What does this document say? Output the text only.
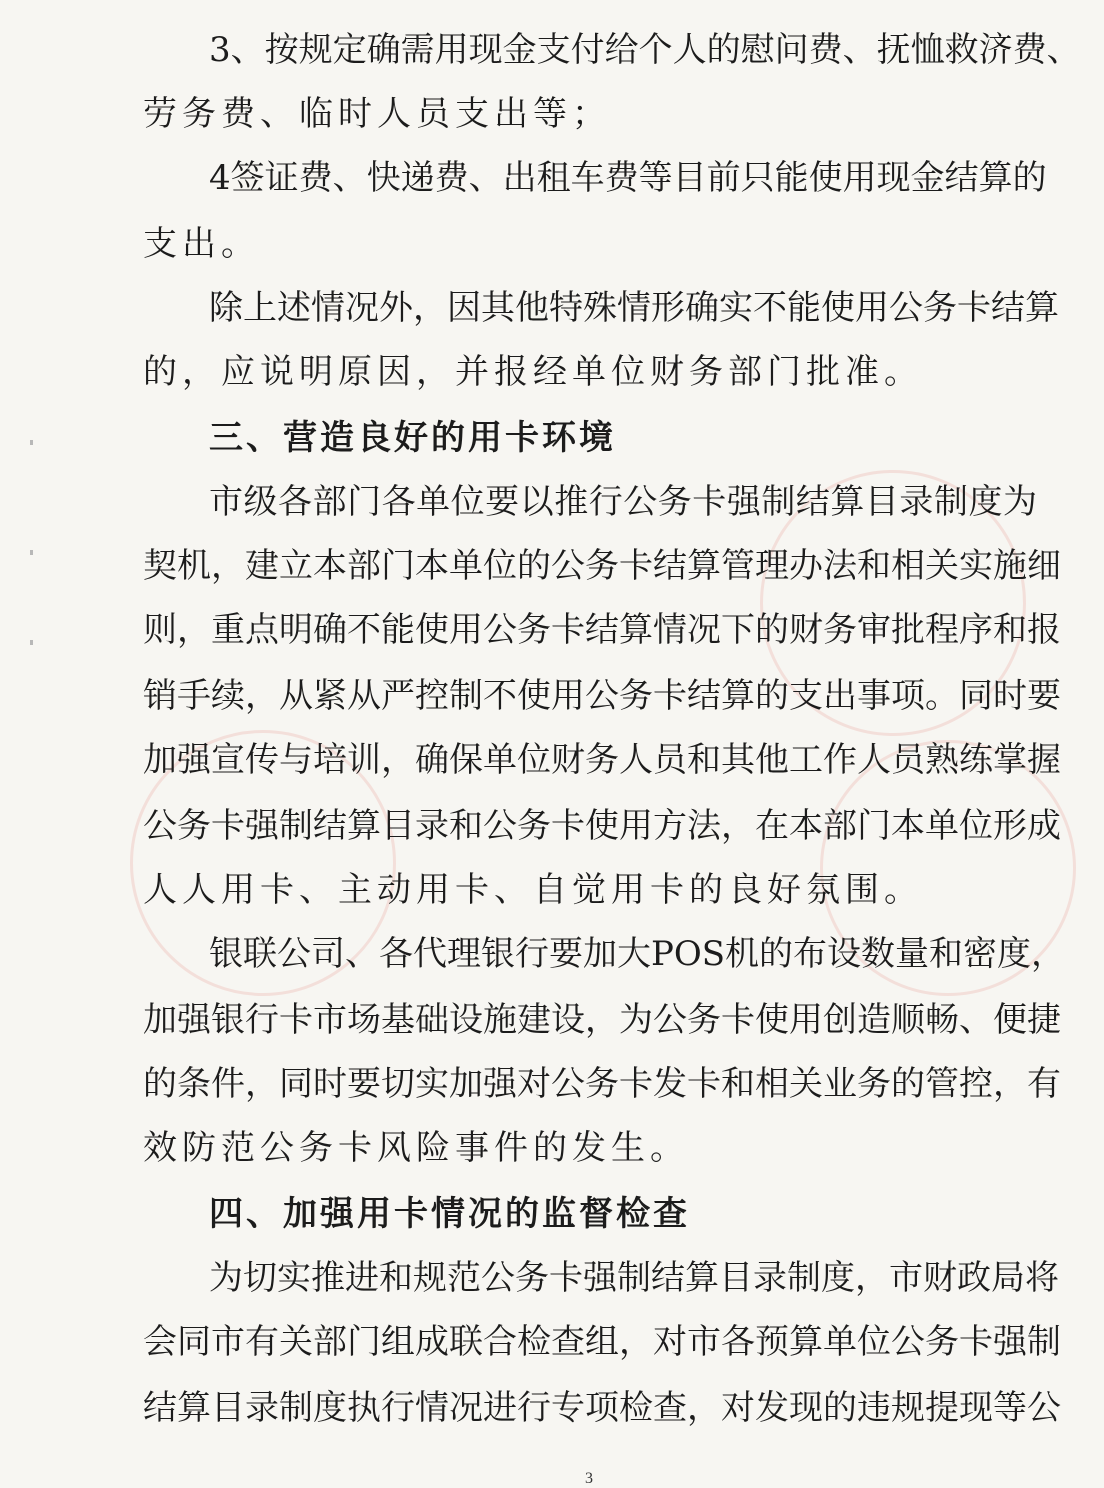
3、按规定确需用现金支付给个人的慰问费、抚恤救济费、
劳务费、临时人员支出等；
4签证费、快递费、出租车费等目前只能使用现金结算的
支出。
除上述情况外，因其他特殊情形确实不能使用公务卡结算
的，应说明原因，并报经单位财务部门批准。
三、营造良好的用卡环境
市级各部门各单位要以推行公务卡强制结算目录制度为
契机，建立本部门本单位的公务卡结算管理办法和相关实施细
则，重点明确不能使用公务卡结算情况下的财务审批程序和报
销手续，从紧从严控制不使用公务卡结算的支出事项。同时要
加强宣传与培训，确保单位财务人员和其他工作人员熟练掌握
公务卡强制结算目录和公务卡使用方法，在本部门本单位形成
人人用卡、主动用卡、自觉用卡的良好氛围。
银联公司、各代理银行要加大POS机的布设数量和密度，
加强银行卡市场基础设施建设，为公务卡使用创造顺畅、便捷
的条件，同时要切实加强对公务卡发卡和相关业务的管控，有
效防范公务卡风险事件的发生。
四、加强用卡情况的监督检查
为切实推进和规范公务卡强制结算目录制度，市财政局将
会同市有关部门组成联合检查组，对市各预算单位公务卡强制
结算目录制度执行情况进行专项检查，对发现的违规提现等公
3
